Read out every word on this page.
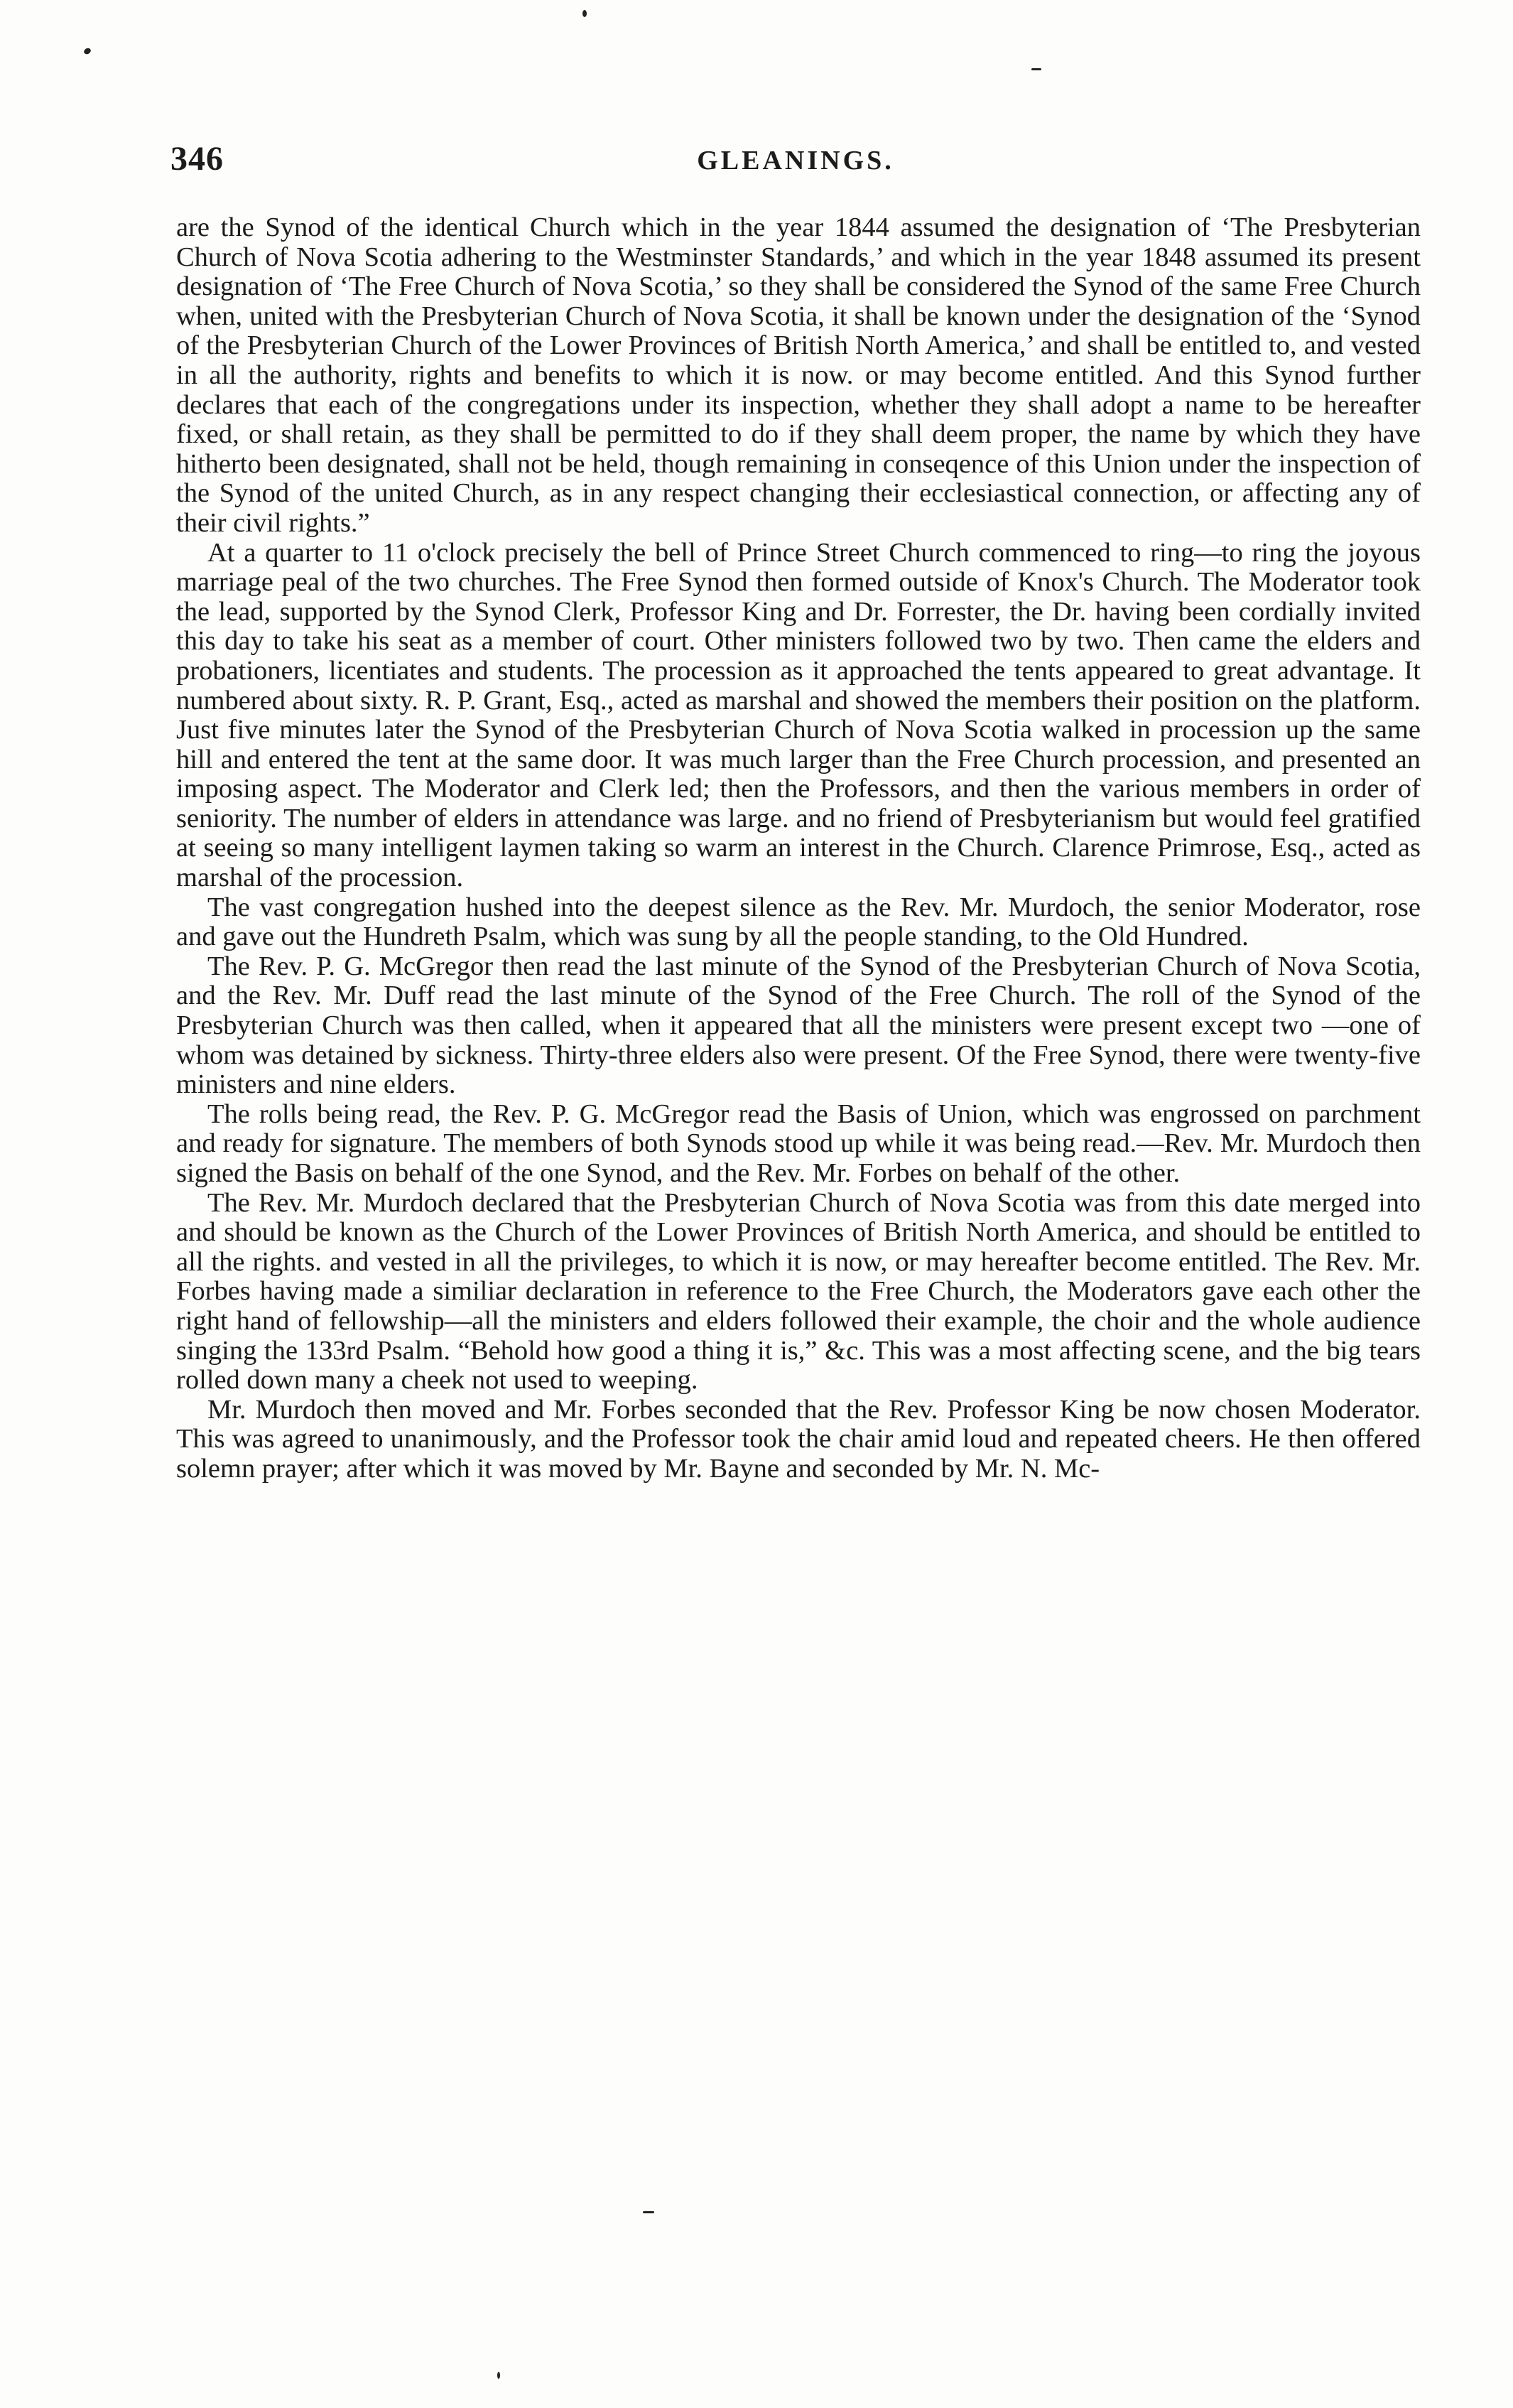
346	GLEANINGS.

are the Synod of the identical Church which in the year 1844 assumed the designation of ‘The Presbyterian Church of Nova Scotia adhering to the Westminster Standards,’ and which in the year 1848 assumed its present designation of ‘The Free Church of Nova Scotia,’ so they shall be considered the Synod of the same Free Church when, united with the Presbyterian Church of Nova Scotia, it shall be known under the designation of the ‘Synod of the Presbyterian Church of the Lower Provinces of British North America,’ and shall be entitled to, and vested in all the authority, rights and benefits to which it is now. or may become entitled. And this Synod further declares that each of the congregations under its inspection, whether they shall adopt a name to be hereafter fixed, or shall retain, as they shall be permitted to do if they shall deem proper, the name by which they have hitherto been designated, shall not be held, though remaining in conseqence of this Union under the inspection of the Synod of the united Church, as in any respect changing their ecclesiastical connection, or affecting any of their civil rights.”

At a quarter to 11 o'clock precisely the bell of Prince Street Church commenced to ring—to ring the joyous marriage peal of the two churches. The Free Synod then formed outside of Knox's Church. The Moderator took the lead, supported by the Synod Clerk, Professor King and Dr. Forrester, the Dr. having been cordially invited this day to take his seat as a member of court. Other ministers followed two by two. Then came the elders and probationers, licentiates and students. The procession as it approached the tents appeared to great advantage. It numbered about sixty. R. P. Grant, Esq., acted as marshal and showed the members their position on the platform. Just five minutes later the Synod of the Presbyterian Church of Nova Scotia walked in procession up the same hill and entered the tent at the same door. It was much larger than the Free Church procession, and presented an imposing aspect. The Moderator and Clerk led; then the Professors, and then the various members in order of seniority. The number of elders in attendance was large. and no friend of Presbyterianism but would feel gratified at seeing so many intelligent laymen taking so warm an interest in the Church. Clarence Primrose, Esq., acted as marshal of the procession.

The vast congregation hushed into the deepest silence as the Rev. Mr. Murdoch, the senior Moderator, rose and gave out the Hundreth Psalm, which was sung by all the people standing, to the Old Hundred.

The Rev. P. G. McGregor then read the last minute of the Synod of the Presbyterian Church of Nova Scotia, and the Rev. Mr. Duff read the last minute of the Synod of the Free Church. The roll of the Synod of the Presbyterian Church was then called, when it appeared that all the ministers were present except two —one of whom was detained by sickness. Thirty-three elders also were present. Of the Free Synod, there were twenty-five ministers and nine elders.

The rolls being read, the Rev. P. G. McGregor read the Basis of Union, which was engrossed on parchment and ready for signature. The members of both Synods stood up while it was being read.—Rev. Mr. Murdoch then signed the Basis on behalf of the one Synod, and the Rev. Mr. Forbes on behalf of the other.

The Rev. Mr. Murdoch declared that the Presbyterian Church of Nova Scotia was from this date merged into and should be known as the Church of the Lower Provinces of British North America, and should be entitled to all the rights. and vested in all the privileges, to which it is now, or may hereafter become entitled. The Rev. Mr. Forbes having made a similiar declaration in reference to the Free Church, the Moderators gave each other the right hand of fellowship—all the ministers and elders followed their example, the choir and the whole audience singing the 133rd Psalm. “Behold how good a thing it is,” &c. This was a most affecting scene, and the big tears rolled down many a cheek not used to weeping.

Mr. Murdoch then moved and Mr. Forbes seconded that the Rev. Professor King be now chosen Moderator. This was agreed to unanimously, and the Professor took the chair amid loud and repeated cheers. He then offered solemn prayer; after which it was moved by Mr. Bayne and seconded by Mr. N. Mc-
